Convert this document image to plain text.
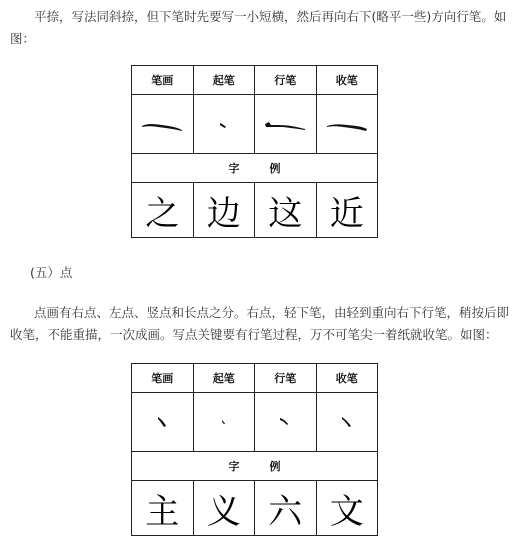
平捺，写法同斜捺，但下笔时先要写一小短横，然后再向右下(略平一些)方向行笔。如图：

笔画	起笔	行笔	收笔

字例			
之	边	这	近

(五）点

点画有右点、左点、竖点和长点之分。右点，轻下笔，由轻到重向右下行笔，稍按后即收笔，不能重描，一次成画。写点关键要有行笔过程，万不可笔尖一着纸就收笔。如图：

笔画	起笔	行笔	收笔

字例			
主	义	六	文
